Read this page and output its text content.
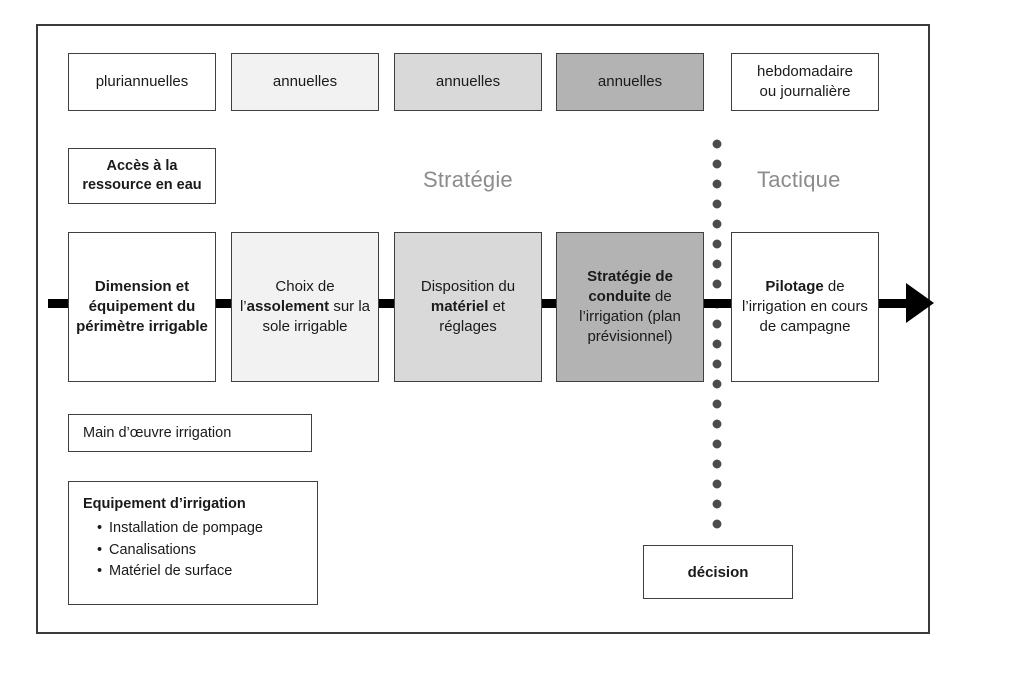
pluriannuelles	annuelles	annuelles	annuelles
hebdomadaire
ou journalière
Stratégie	Tactique
Accès à la
ressource en eau
Dimension et équipement du périmètre irrigable
Choix de l’assolement sur la sole irrigable
Disposition du matériel et réglages
Stratégie de conduite de l’irrigation (plan prévisionnel)
Pilotage de l’irrigation en cours de campagne
Main d’œuvre irrigation
Equipement d’irrigation
• Installation de pompage
• Canalisations
• Matériel de surface	décision
